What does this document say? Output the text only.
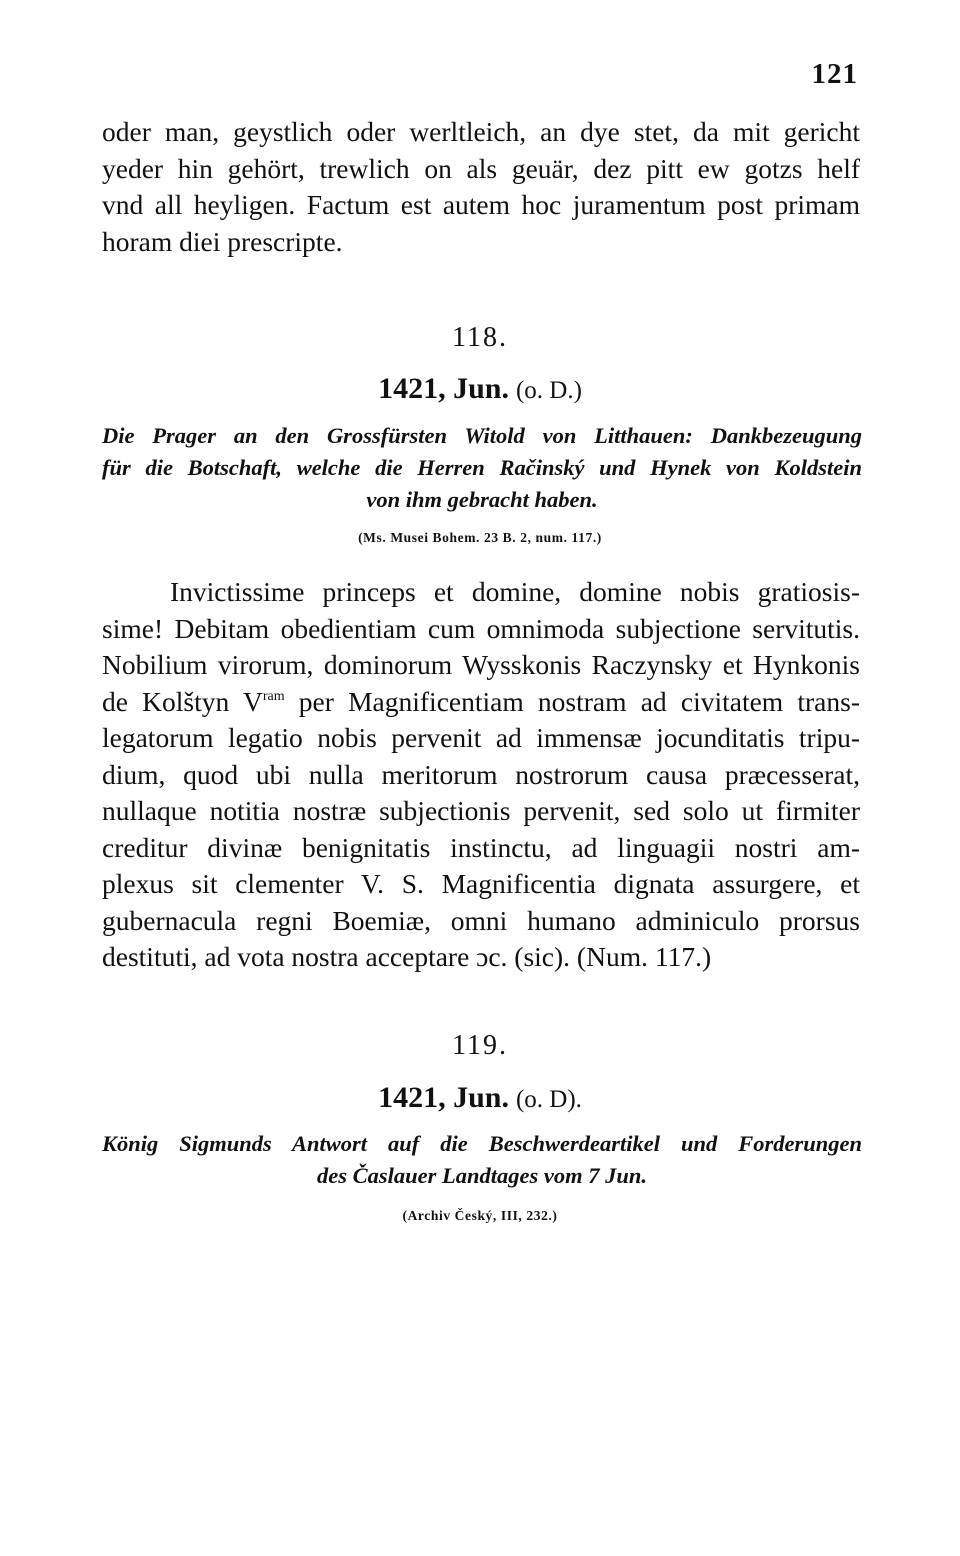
121
oder man, geystlich oder werltleich, an dye stet, da mit gericht
yeder hin gehört, trewlich on als geuär, dez pitt ew gotzs helf
vnd all heyligen. Factum est autem hoc juramentum post primam
horam diei prescripte.
118.
1421, Jun. (o. D.)
Die Prager an den Grossfürsten Witold von Litthauen: Dankbezeugung
für die Botschaft, welche die Herren Račinský und Hynek von Koldstein
von ihm gebracht haben.
(Ms. Musei Bohem. 23 B. 2, num. 117.)
Invictissime princeps et domine, domine nobis gratiosis-
sime! Debitam obedientiam cum omnimoda subjectione servitutis.
Nobilium virorum, dominorum Wysskonis Raczynsky et Hynkonis
de Kolštyn $V^{ram}$ per Magnificentiam nostram ad civitatem trans-
legatorum legatio nobis pervenit ad immensæ jocunditatis tripu-
dium, quod ubi nulla meritorum nostrorum causa præcesserat,
nullaque notitia nostræ subjectionis pervenit, sed solo ut firmiter
creditur divinæ benignitatis instinctu, ad linguagii nostri am-
plexus sit clementer V. S. Magnificentia dignata assurgere, et
gubernacula regni Boemiæ, omni humano adminiculo prorsus
destituti, ad vota nostra acceptare ɔc. (sic). (Num. 117.)
119.
1421, Jun. (o. D).
König Sigmunds Antwort auf die Beschwerdeartikel und Forderungen
des Časlauer Landtages vom 7 Jun.
(Archiv Český, III, 232.)
